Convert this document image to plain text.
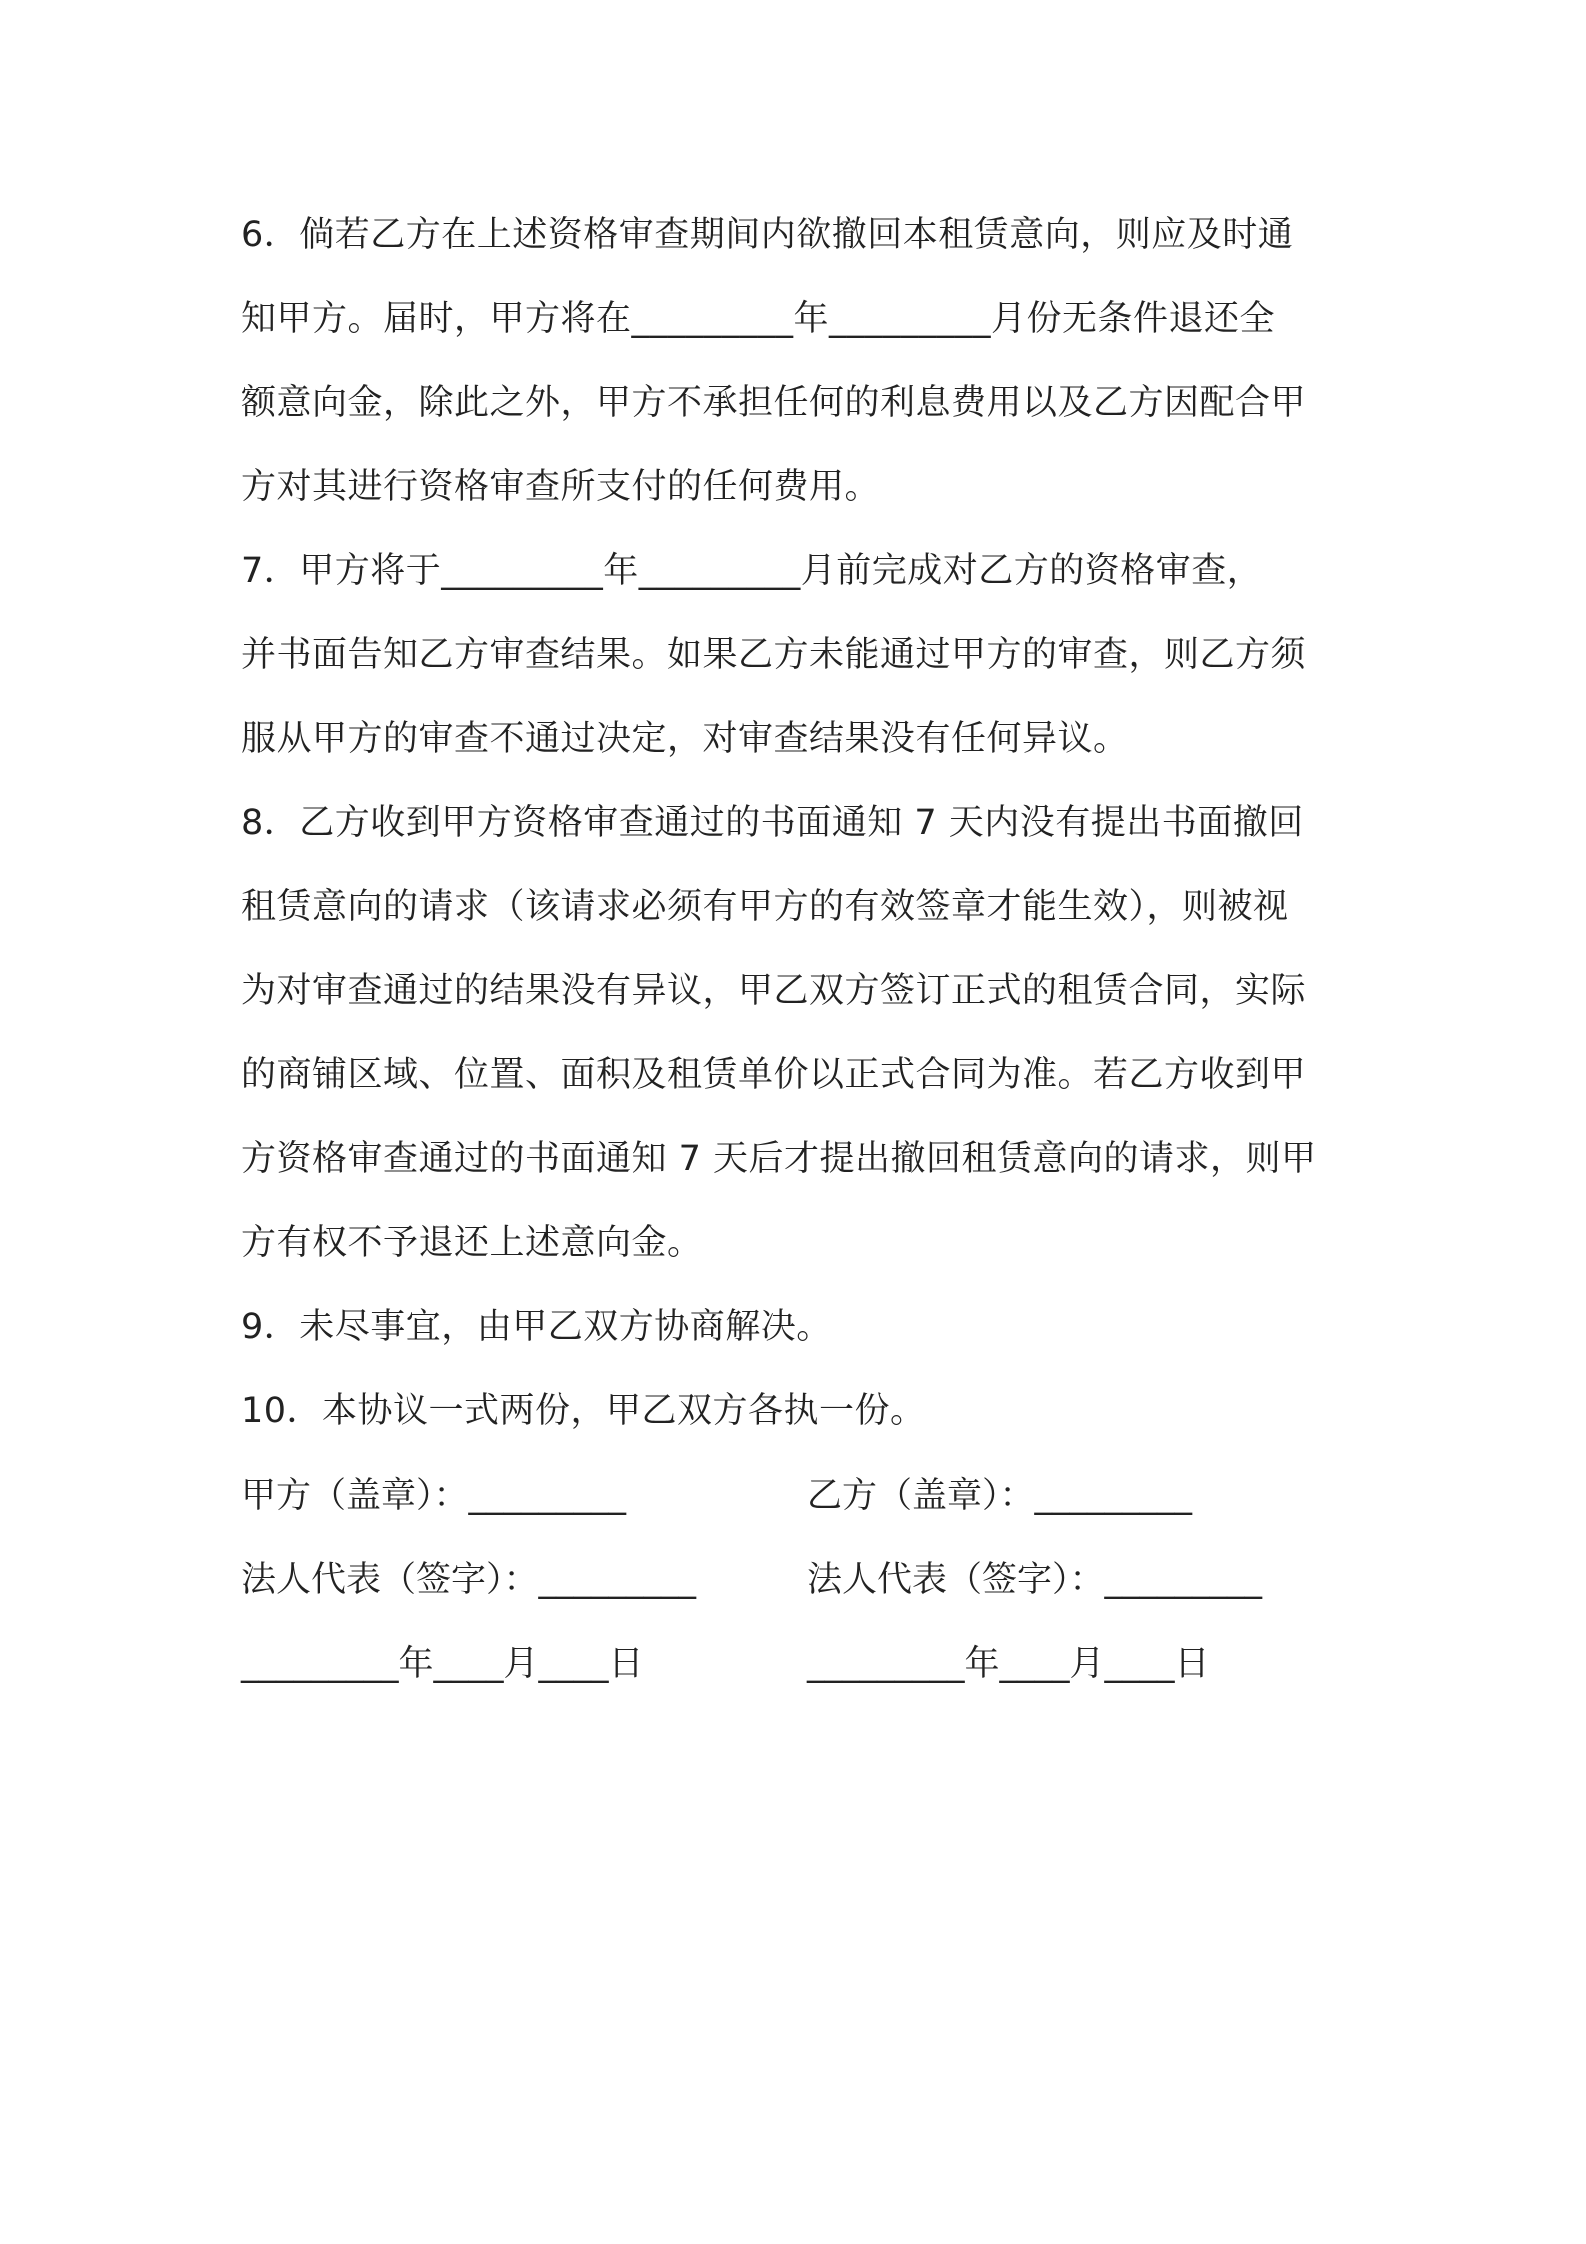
6．倘若乙方在上述资格审查期间内欲撤回本租赁意向，则应及时通

知甲方。届时，甲方将在_________年_________月份无条件退还全

额意向金，除此之外，甲方不承担任何的利息费用以及乙方因配合甲

方对其进行资格审查所支付的任何费用。

7．甲方将于_________年_________月前完成对乙方的资格审查，

并书面告知乙方审查结果。如果乙方未能通过甲方的审查，则乙方须

服从甲方的审查不通过决定，对审查结果没有任何异议。

8．乙方收到甲方资格审查通过的书面通知 7 天内没有提出书面撤回

租赁意向的请求（该请求必须有甲方的有效签章才能生效），则被视

为对审查通过的结果没有异议，甲乙双方签订正式的租赁合同，实际

的商铺区域、位置、面积及租赁单价以正式合同为准。若乙方收到甲

方资格审查通过的书面通知 7 天后才提出撤回租赁意向的请求，则甲

方有权不予退还上述意向金。

9．未尽事宜，由甲乙双方协商解决。

10．本协议一式两份，甲乙双方各执一份。

甲方（盖章）：_________	乙方（盖章）：_________
法人代表（签字）：_________	法人代表（签字）：_________
_________年____月____日	_________年____月____日
